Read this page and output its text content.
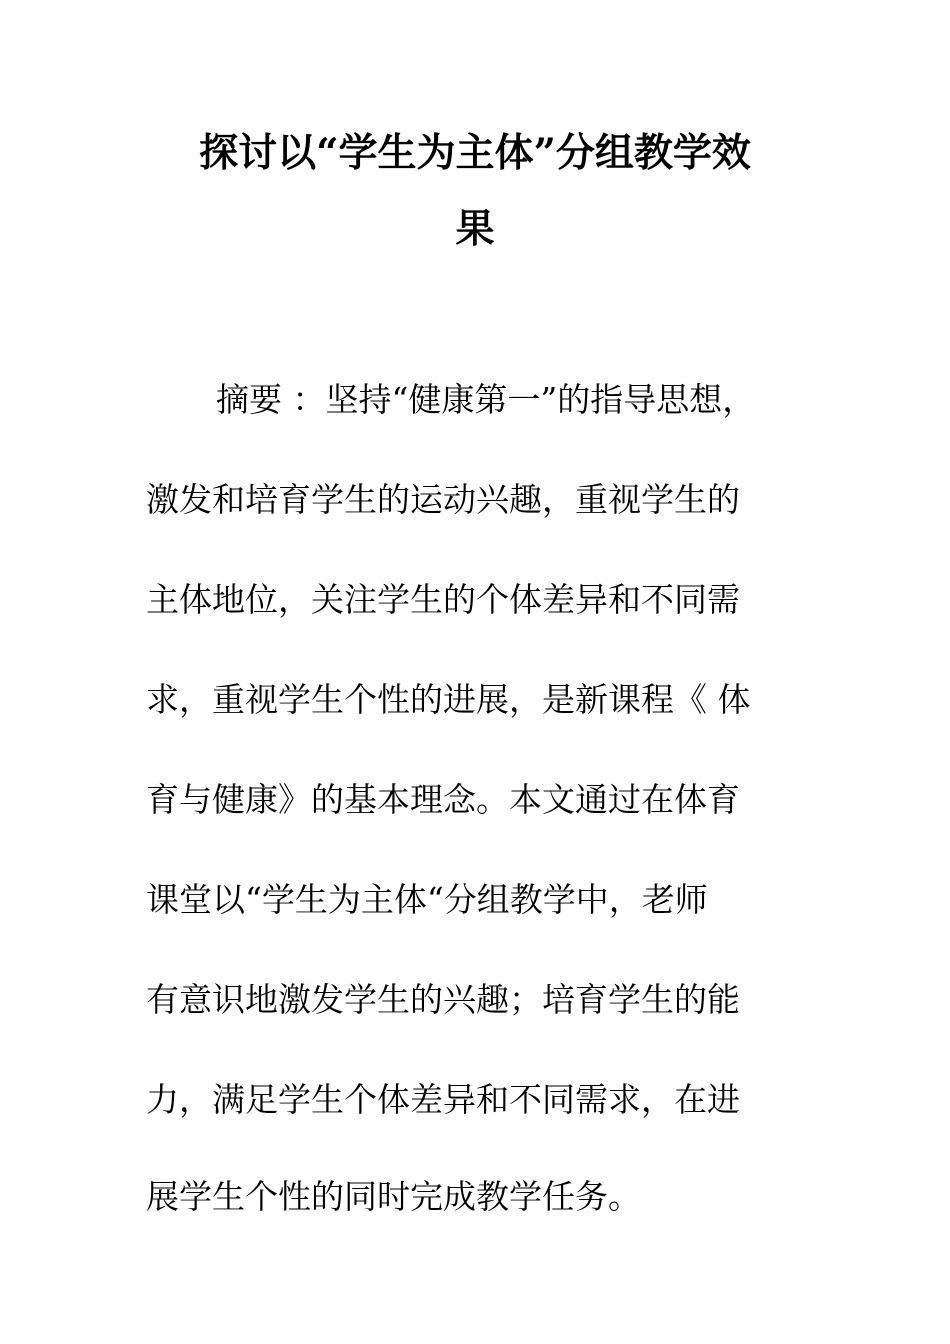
探讨以“学生为主体”分组教学效
果
摘要 ：坚持“健康第一”的指导思想，
激发和培育学生的运动兴趣，重视学生的
主体地位，关注学生的个体差异和不同需
求，重视学生个性的进展，是新课程《 体
育与健康》的基本理念。本文通过在体育
课堂以“学生为主体“分组教学中，老师
有意识地激发学生的兴趣；培育学生的能
力，满足学生个体差异和不同需求，在进
展学生个性的同时完成教学任务。
